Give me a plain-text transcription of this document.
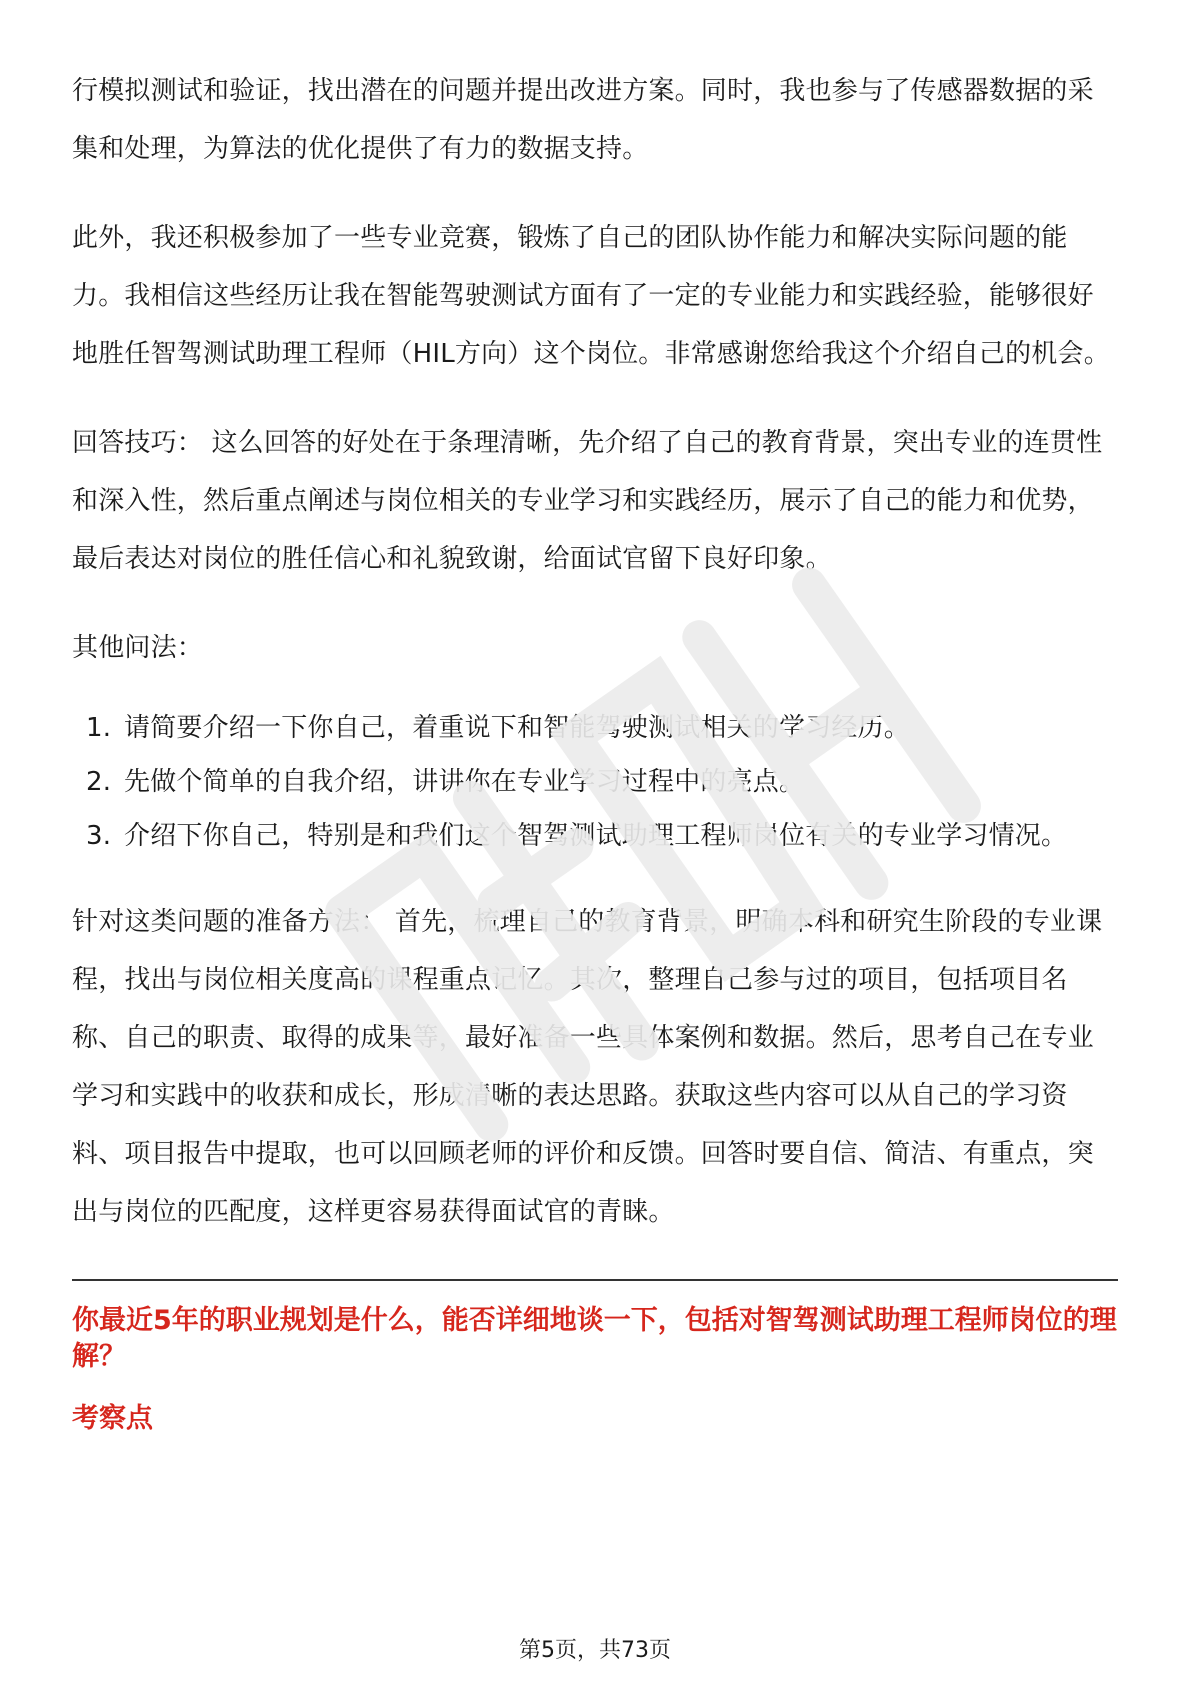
行模拟测试和验证，找出潜在的问题并提出改进方案。同时，我也参与了传感器数据的采集和处理，为算法的优化提供了有力的数据支持。

此外，我还积极参加了一些专业竞赛，锻炼了自己的团队协作能力和解决实际问题的能力。我相信这些经历让我在智能驾驶测试方面有了一定的专业能力和实践经验，能够很好地胜任智驾测试助理工程师（HIL方向）这个岗位。非常感谢您给我这个介绍自己的机会。

回答技巧： 这么回答的好处在于条理清晰，先介绍了自己的教育背景，突出专业的连贯性和深入性，然后重点阐述与岗位相关的专业学习和实践经历，展示了自己的能力和优势，最后表达对岗位的胜任信心和礼貌致谢，给面试官留下良好印象。

其他问法：

1. 请简要介绍一下你自己，着重说下和智能驾驶测试相关的学习经历。
2. 先做个简单的自我介绍，讲讲你在专业学习过程中的亮点。
3. 介绍下你自己，特别是和我们这个智驾测试助理工程师岗位有关的专业学习情况。

针对这类问题的准备方法： 首先，梳理自己的教育背景，明确本科和研究生阶段的专业课程，找出与岗位相关度高的课程重点记忆。其次，整理自己参与过的项目，包括项目名称、自己的职责、取得的成果等，最好准备一些具体案例和数据。然后，思考自己在专业学习和实践中的收获和成长，形成清晰的表达思路。获取这些内容可以从自己的学习资料、项目报告中提取，也可以回顾老师的评价和反馈。回答时要自信、简洁、有重点，突出与岗位的匹配度，这样更容易获得面试官的青睐。

你最近5年的职业规划是什么，能否详细地谈一下，包括对智驾测试助理工程师岗位的理解？

考察点

第5页，共73页
